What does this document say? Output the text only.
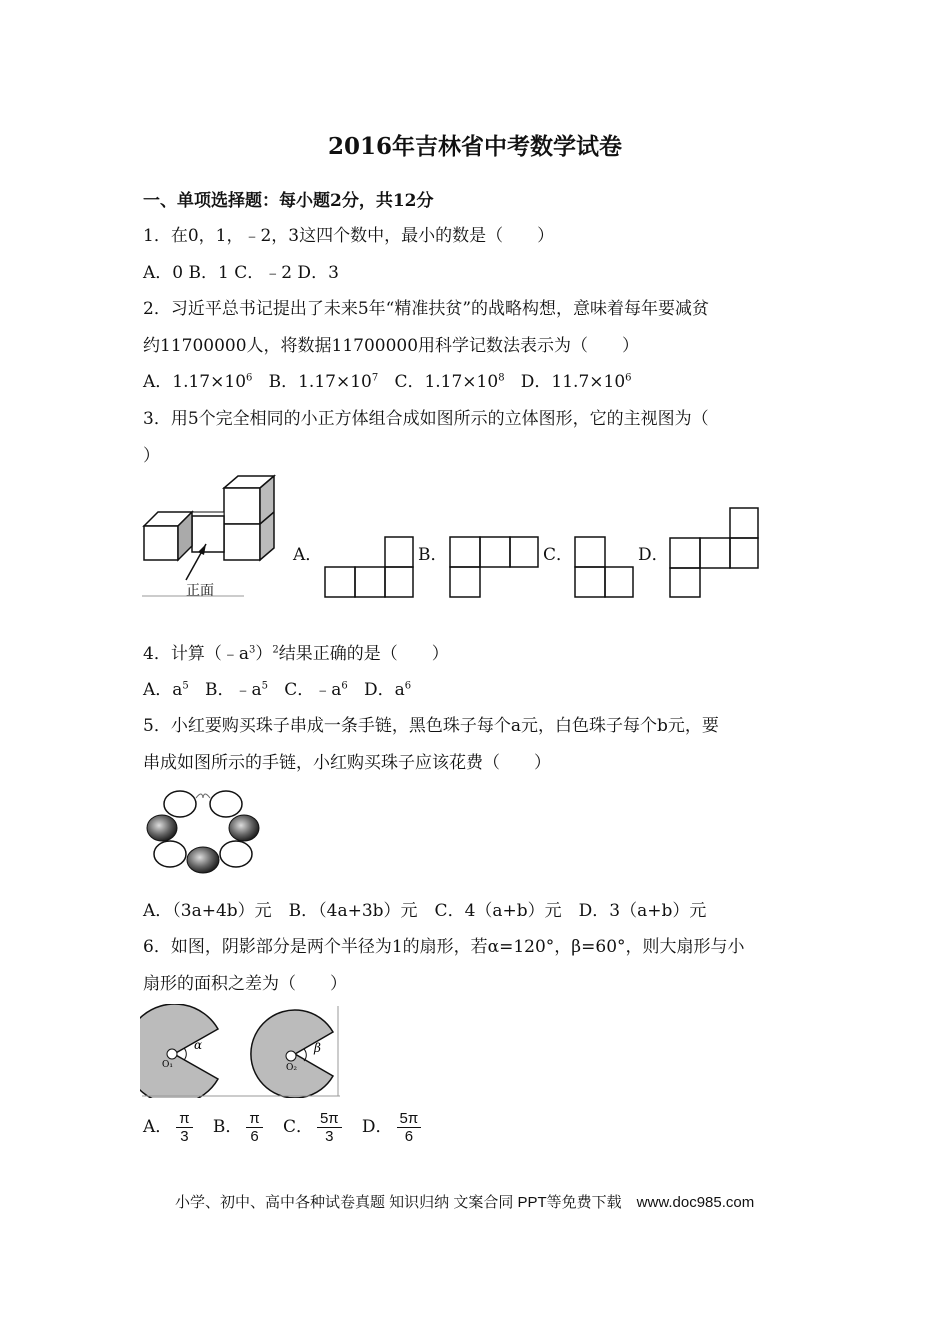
2016年吉林省中考数学试卷
一、单项选择题：每小题2分，共12分
1．在0，1，﹣2，3这四个数中，最小的数是（　　）
A．0 B．1 C．﹣2 D．3
2．习近平总书记提出了未来5年“精准扶贫”的战略构想，意味着每年要减贫
约11700000人，将数据11700000用科学记数法表示为（　　）
A．$1.17\times 10^6$ B．$1.17\times 10^7$ C．$1.17\times 10^8$ D．$11.7\times 10^6$
3．用5个完全相同的小正方体组合成如图所示的立体图形，它的主视图为（
）
正面
A．	B．	C．	D．
4．计算$(﹣a^3)^2$结果正确的是（　　）
A．$a^5$ B．$﹣a^5$ C．$﹣a^6$ D．$a^6$
5．小红要购买珠子串成一条手链，黑色珠子每个a元，白色珠子每个b元，要
串成如图所示的手链，小红购买珠子应该花费（　　）
A．（3a+4b）元　B．（4a+3b）元　C．4（a+b）元　D．3（a+b）元
6．如图，阴影部分是两个半径为1的扇形，若α=120°，β=60°，则大扇形与小
扇形的面积之差为（　　）
α
O₁
β
O₂
A． $\frac{\pi}{3}$ B． $\frac{\pi}{6}$ C． $\frac{5\pi}{3}$ D． $\frac{5\pi}{6}$
小学、初中、高中各种试卷真题 知识归纳 文案合同 PPT等免费下载　www.doc985.com
